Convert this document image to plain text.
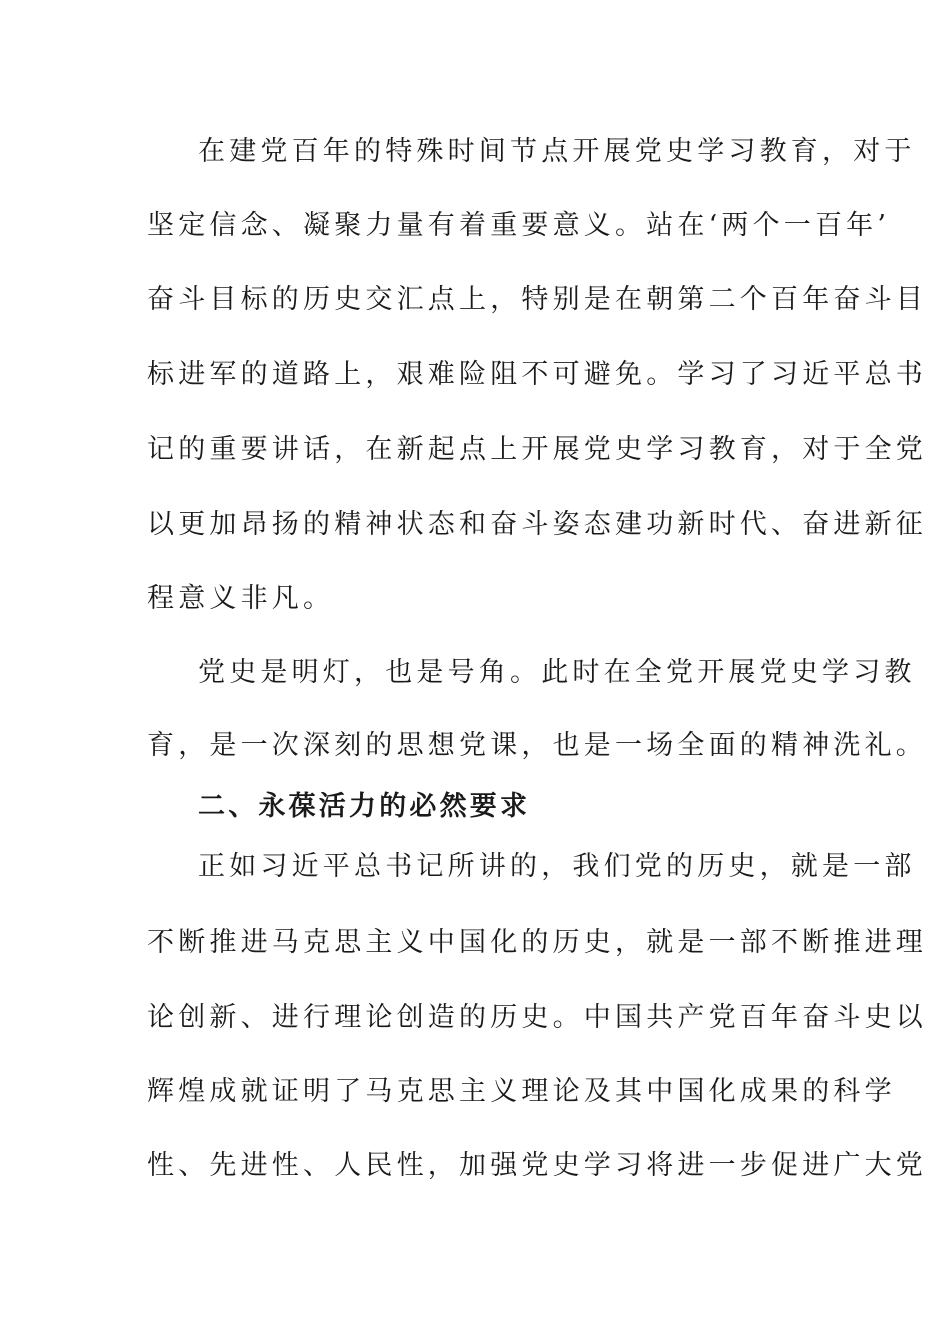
在建党百年的特殊时间节点开展党史学习教育，对于
坚定信念、凝聚力量有着重要意义。站在‘两个一百年’
奋斗目标的历史交汇点上，特别是在朝第二个百年奋斗目
标进军的道路上，艰难险阻不可避免。学习了习近平总书
记的重要讲话，在新起点上开展党史学习教育，对于全党
以更加昂扬的精神状态和奋斗姿态建功新时代、奋进新征
程意义非凡。
党史是明灯，也是号角。此时在全党开展党史学习教
育，是一次深刻的思想党课，也是一场全面的精神洗礼。
二、永葆活力的必然要求
正如习近平总书记所讲的，我们党的历史，就是一部
不断推进马克思主义中国化的历史，就是一部不断推进理
论创新、进行理论创造的历史。中国共产党百年奋斗史以
辉煌成就证明了马克思主义理论及其中国化成果的科学
性、先进性、人民性，加强党史学习将进一步促进广大党
